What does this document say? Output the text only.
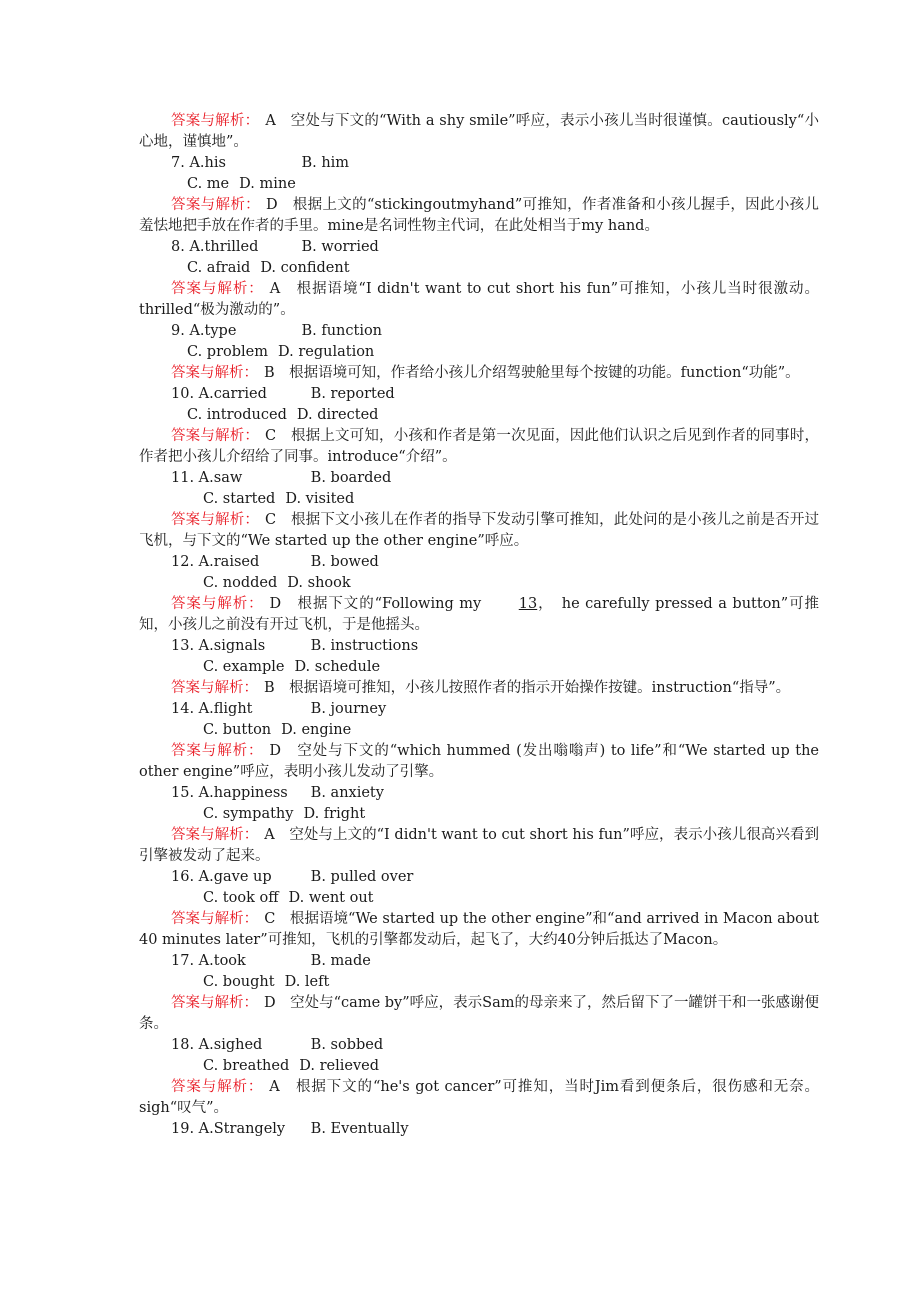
答案与解析： A　空处与下文的“With a shy smile”呼应，表示小孩儿当时很谨慎。cautiously“小心地，谨慎地”。
7. A.his	B. him
C. me D. mine
答案与解析： D　根据上文的“stickingoutmyhand”可推知，作者准备和小孩儿握手，因此小孩儿羞怯地把手放在作者的手里。mine是名词性物主代词，在此处相当于my hand。
8. A.thrilled	B. worried
C. afraid D. confident
答案与解析： A　根据语境“I didn't want to cut short his fun”可推知，小孩儿当时很激动。thrilled“极为激动的”。
9. A.type	B. function
C. problem D. regulation
答案与解析： B　根据语境可知，作者给小孩儿介绍驾驶舱里每个按键的功能。function“功能”。
10. A.carried	B. reported
C. introduced D. directed
答案与解析： C　根据上文可知，小孩和作者是第一次见面，因此他们认识之后见到作者的同事时，作者把小孩儿介绍给了同事。introduce“介绍”。
11. A.saw	B. boarded
C. started D. visited
答案与解析： C　根据下文小孩儿在作者的指导下发动引擎可推知，此处问的是小孩儿之前是否开过飞机，与下文的“We started up the other engine”呼应。
12. A.raised	B. bowed
C. nodded D. shook
答案与解析： D　根据下文的“Following my	13，　he carefully pressed a button”可推知，小孩儿之前没有开过飞机，于是他摇头。
13. A.signals	B. instructions
C. example D. schedule
答案与解析： B　根据语境可推知，小孩儿按照作者的指示开始操作按键。instruction“指导”。
14. A.flight	B. journey
C. button D. engine
答案与解析： D　空处与下文的“which hummed (发出嗡嗡声) to life”和“We started up the other engine”呼应，表明小孩儿发动了引擎。
15. A.happiness B. anxiety
C. sympathy D. fright
答案与解析： A　空处与上文的“I didn't want to cut short his fun”呼应，表示小孩儿很高兴看到引擎被发动了起来。
16. A.gave up	B. pulled over
C. took off D. went out
答案与解析： C　根据语境“We started up the other engine”和“and arrived in Macon about 40 minutes later”可推知，飞机的引擎都发动后，起飞了，大约40分钟后抵达了Macon。
17. A.took	B. made
C. bought D. left
答案与解析： D　空处与“came by”呼应，表示Sam的母亲来了，然后留下了一罐饼干和一张感谢便条。
18. A.sighed	B. sobbed
C. breathed D. relieved
答案与解析： A　根据下文的“he's got cancer”可推知，当时Jim看到便条后，很伤感和无奈。sigh“叹气”。
19. A.Strangely B. Eventually
